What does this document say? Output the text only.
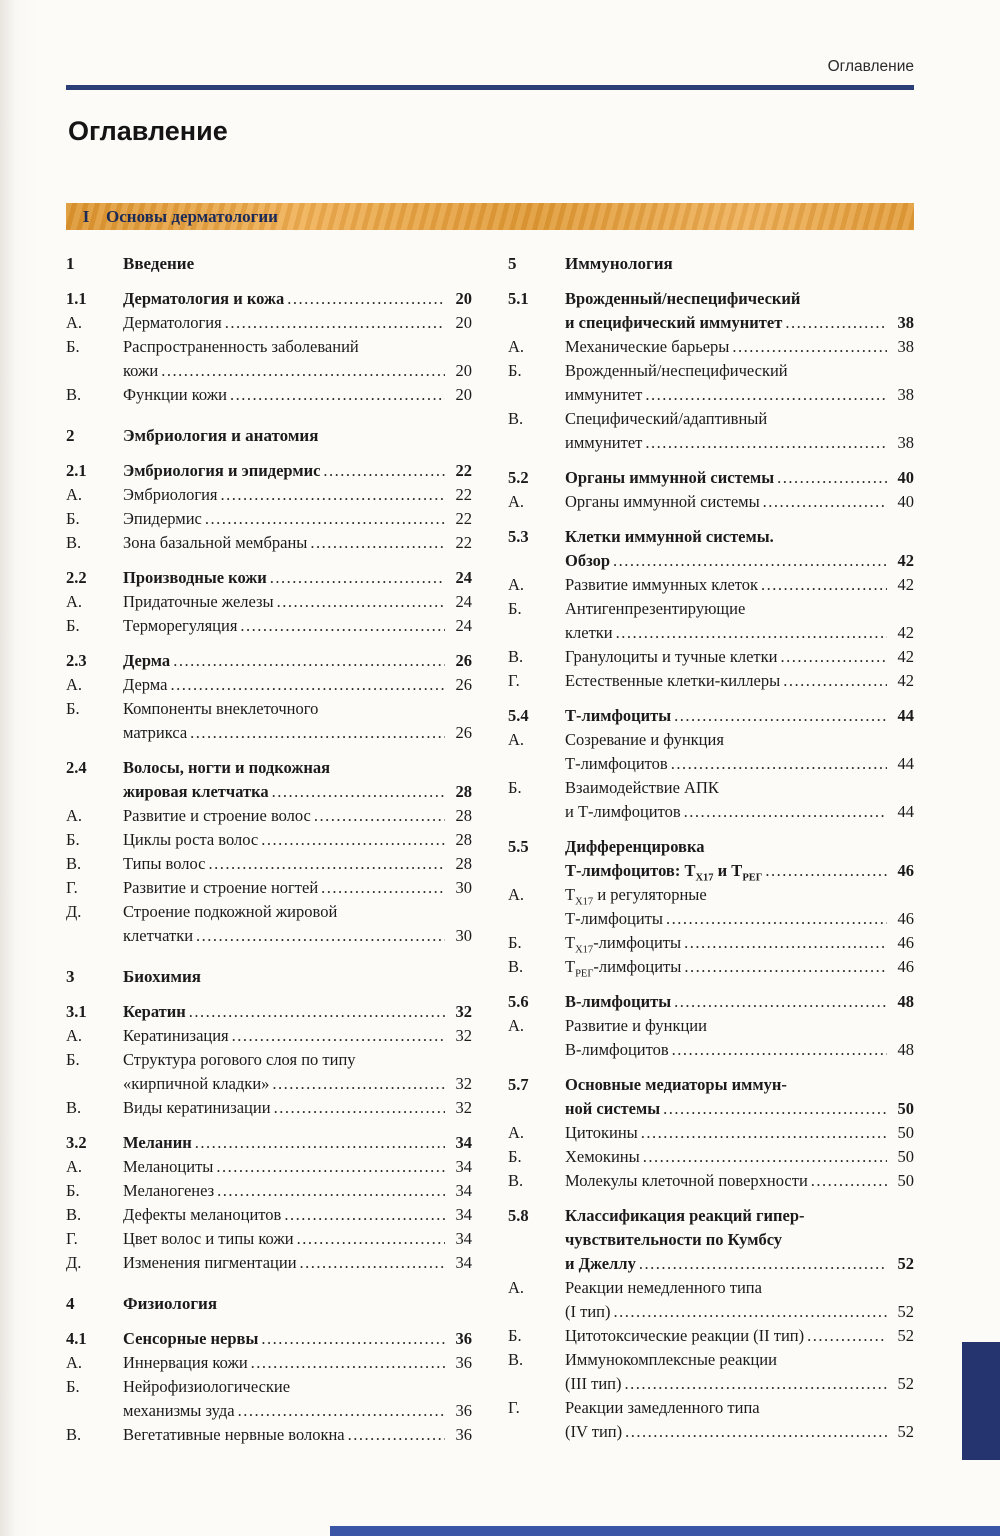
Оглавление
Оглавление
I Основы дерматологии
1	Введение
1.1	Дерматология и кожа .....	20
А.	Дерматология .....	20
Б.	Распространенность заболеваний
кожи .....	20
В.	Функции кожи .....	20
2	Эмбриология и анатомия
2.1	Эмбриология и эпидермис .....	22
А.	Эмбриология .....	22
Б.	Эпидермис .....	22
В.	Зона базальной мембраны .....	22
2.2	Производные кожи .....	24
А.	Придаточные железы .....	24
Б.	Терморегуляция .....	24
2.3	Дерма .....	26
А.	Дерма .....	26
Б.	Компоненты внеклеточного
матрикса .....	26
2.4	Волосы, ногти и подкожная
жировая клетчатка .....	28
А.	Развитие и строение волос .....	28
Б.	Циклы роста волос .....	28
В.	Типы волос .....	28
Г.	Развитие и строение ногтей .....	30
Д.	Строение подкожной жировой
клетчатки .....	30
3	Биохимия
3.1	Кератин .....	32
А.	Кератинизация .....	32
Б.	Структура рогового слоя по типу
«кирпичной кладки» .....	32
В.	Виды кератинизации .....	32
3.2	Меланин .....	34
А.	Меланоциты .....	34
Б.	Меланогенез .....	34
В.	Дефекты меланоцитов .....	34
Г.	Цвет волос и типы кожи .....	34
Д.	Изменения пигментации .....	34
4	Физиология
4.1	Сенсорные нервы .....	36
А.	Иннервация кожи .....	36
Б.	Нейрофизиологические
механизмы зуда .....	36
В.	Вегетативные нервные волокна .....	36
5	Иммунология
5.1	Врожденный/неспецифический
и специфический иммунитет .....	38
А.	Механические барьеры .....	38
Б.	Врожденный/неспецифический
иммунитет .....	38
В.	Специфический/адаптивный
иммунитет .....	38
5.2	Органы иммунной системы .....	40
А.	Органы иммунной системы .....	40
5.3	Клетки иммунной системы.
Обзор .....	42
А.	Развитие иммунных клеток .....	42
Б.	Антигенпрезентирующие
клетки .....	42
В.	Гранулоциты и тучные клетки .....	42
Г.	Естественные клетки-киллеры .....	42
5.4	Т-лимфоциты .....	44
А.	Созревание и функция
Т-лимфоцитов .....	44
Б.	Взаимодействие АПК
и Т-лимфоцитов .....	44
5.5	Дифференцировка
Т-лимфоцитов: $Т_{Х17}$ и $Т_{РЕГ}$ .....	46
А.	$Т_{Х17}$ и регуляторные
Т-лимфоциты .....	46
Б.	$Т_{Х17}$-лимфоциты .....	46
В.	$Т_{РЕГ}$-лимфоциты .....	46
5.6	В-лимфоциты .....	48
А.	Развитие и функции
В-лимфоцитов .....	48
5.7	Основные медиаторы иммун-
ной системы .....	50
А.	Цитокины .....	50
Б.	Хемокины .....	50
В.	Молекулы клеточной поверхности .....	50
5.8	Классификация реакций гипер-
чувствительности по Кумбсу
и Джеллу .....	52
А.	Реакции немедленного типа
(I тип) .....	52
Б.	Цитотоксические реакции (II тип) .....	52
В.	Иммунокомплексные реакции
(III тип) .....	52
Г.	Реакции замедленного типа
(IV тип) .....	52
